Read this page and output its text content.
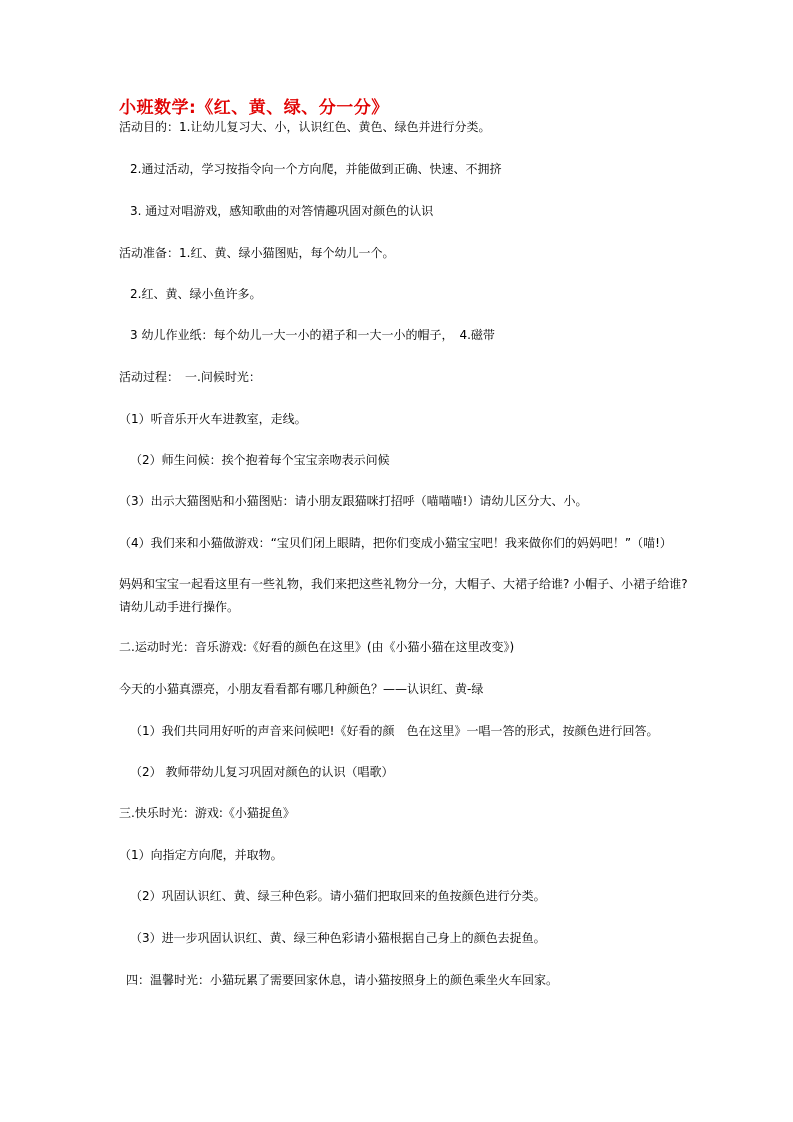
小班数学:《红、黄、绿、分一分》
活动目的：1.让幼儿复习大、小，认识红色、黄色、绿色并进行分类。
2.通过活动，学习按指令向一个方向爬，并能做到正确、快速、不拥挤
3. 通过对唱游戏，感知歌曲的对答情趣巩固对颜色的认识
活动准备：1.红、黄、绿小猫图贴，每个幼儿一个。
2.红、黄、绿小鱼许多。
3 幼儿作业纸：每个幼儿一大一小的裙子和一大一小的帽子，　4.磁带
活动过程：　一.问候时光：
（1）听音乐开火车进教室，走线。
（2）师生问候：挨个抱着每个宝宝亲吻表示问候
（3）出示大猫图贴和小猫图贴：请小朋友跟猫咪打招呼（喵喵喵!）请幼儿区分大、小。
（4）我们来和小猫做游戏：“宝贝们闭上眼睛，把你们变成小猫宝宝吧！我来做你们的妈妈吧！”（喵!）
妈妈和宝宝一起看这里有一些礼物，我们来把这些礼物分一分，大帽子、大裙子给谁? 小帽子、小裙子给谁? 请幼儿动手进行操作。
二.运动时光：音乐游戏:《好看的颜色在这里》(由《小猫小猫在这里改变》)
今天的小猫真漂亮，小朋友看看都有哪几种颜色？——认识红、黄-绿
（1）我们共同用好听的声音来问候吧!《好看的颜　色在这里》一唱一答的形式，按颜色进行回答。
（2） 教师带幼儿复习巩固对颜色的认识（唱歌）
三.快乐时光：游戏:《小猫捉鱼》
（1）向指定方向爬，并取物。
（2）巩固认识红、黄、绿三种色彩。请小猫们把取回来的鱼按颜色进行分类。
（3）进一步巩固认识红、黄、绿三种色彩请小猫根据自己身上的颜色去捉鱼。
四：温馨时光：小猫玩累了需要回家休息，请小猫按照身上的颜色乘坐火车回家。
